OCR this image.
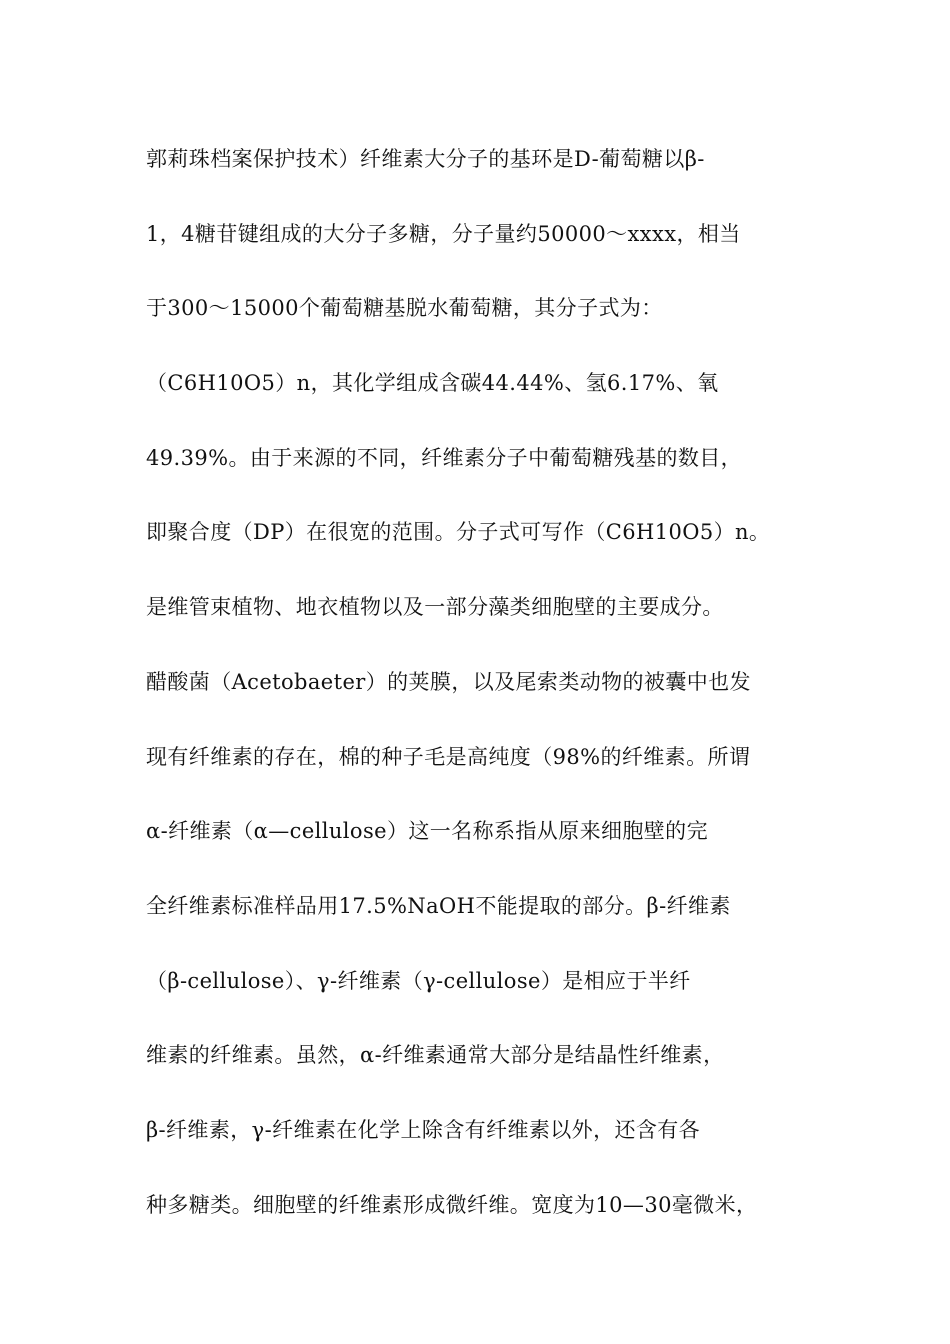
郭莉珠档案保护技术）纤维素大分子的基环是D-葡萄糖以β-
1，4糖苷键组成的大分子多糖，分子量约50000～xxxx，相当
于300～15000个葡萄糖基脱水葡萄糖，其分子式为：
（C6H10O5）n，其化学组成含碳44.44%、氢6.17%、氧
49.39%。由于来源的不同，纤维素分子中葡萄糖残基的数目，
即聚合度（DP）在很宽的范围。分子式可写作（C6H10O5）n。
是维管束植物、地衣植物以及一部分藻类细胞壁的主要成分。
醋酸菌（Acetobaeter）的荚膜，以及尾索类动物的被囊中也发
现有纤维素的存在，棉的种子毛是高纯度（98%的纤维素。所谓
α-纤维素（α—cellulose）这一名称系指从原来细胞壁的完
全纤维素标准样品用17.5%NaOH不能提取的部分。β-纤维素
（β-cellulose）、γ-纤维素（γ-cellulose）是相应于半纤
维素的纤维素。虽然，α-纤维素通常大部分是结晶性纤维素，
β-纤维素，γ-纤维素在化学上除含有纤维素以外，还含有各
种多糖类。细胞壁的纤维素形成微纤维。宽度为10—30毫微米，
